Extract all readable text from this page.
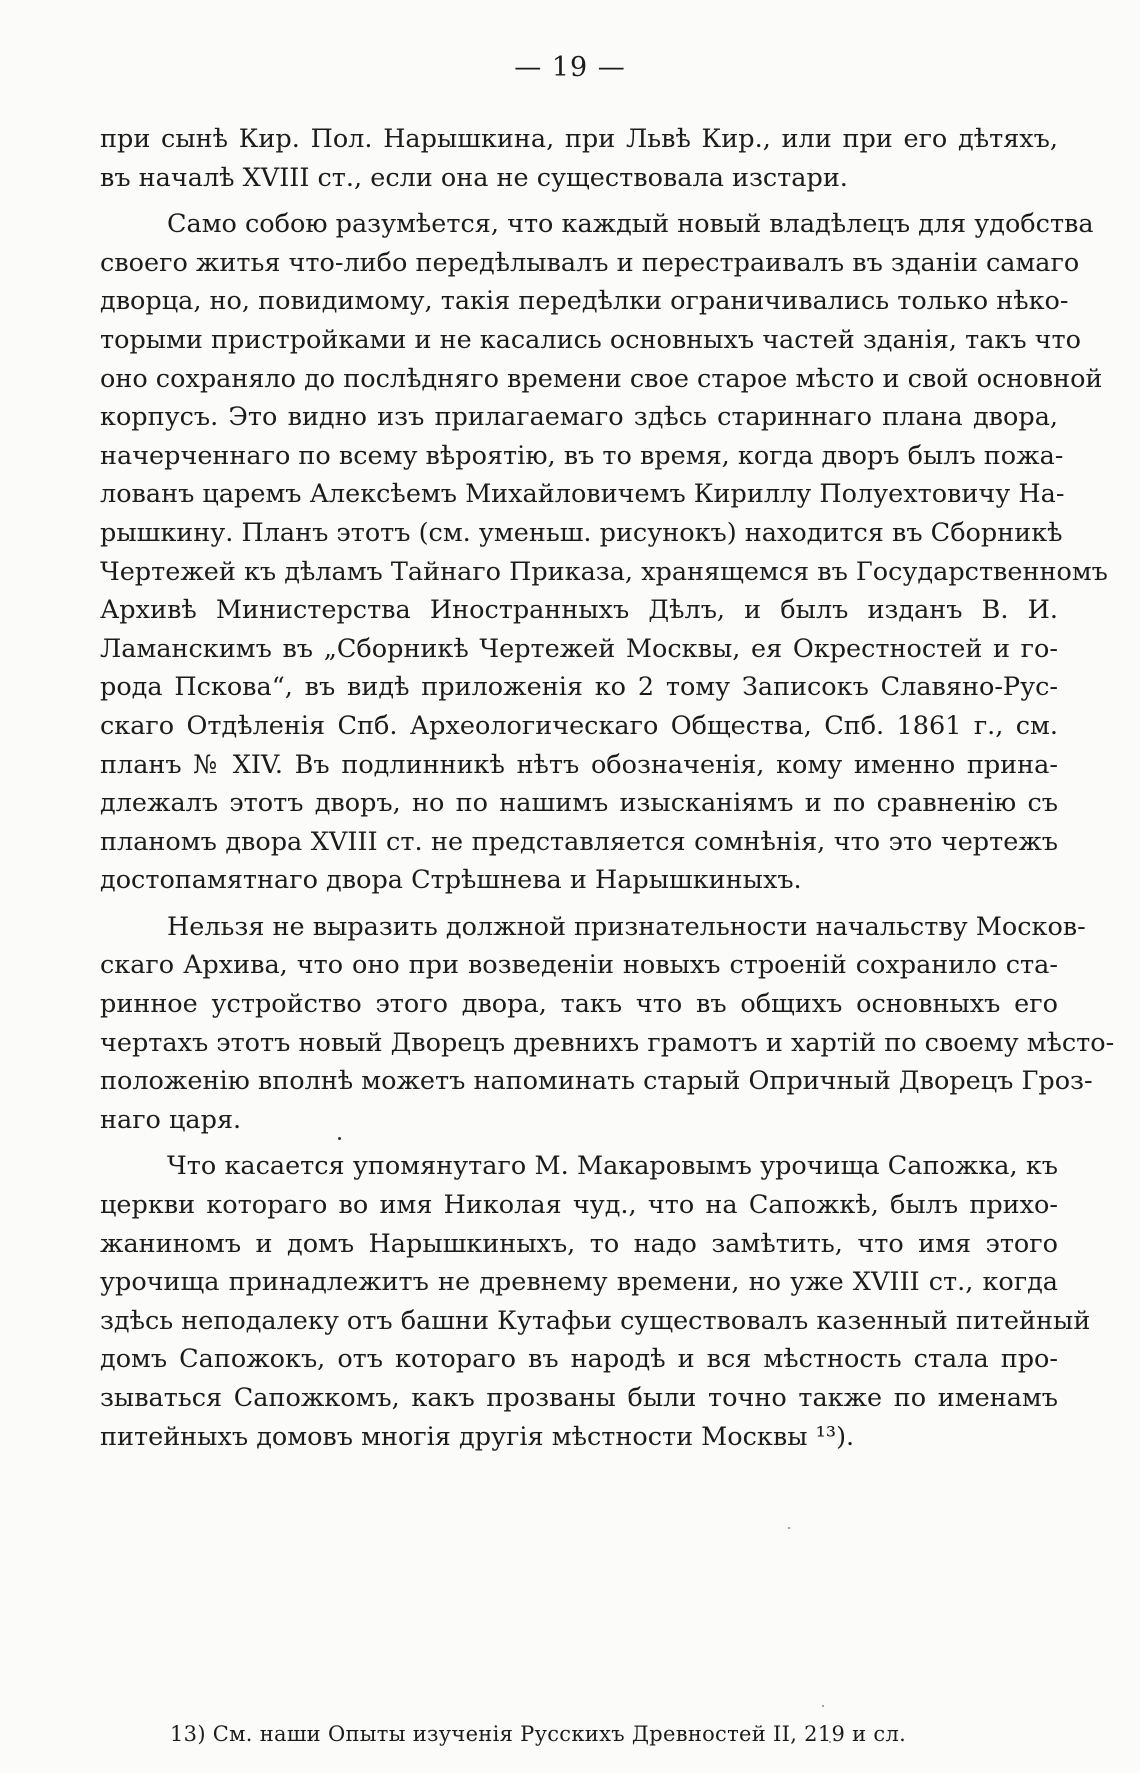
— 19 —
при сынѣ Кир. Пол. Нарышкина, при Львѣ Кир., или при его дѣтяхъ,
въ началѣ XVIII ст., если она не существовала изстари.
Само собою разумѣется, что каждый новый владѣлецъ для удобства
своего житья что-либо передѣлывалъ и перестраивалъ въ зданіи самаго
дворца, но, повидимому, такія передѣлки ограничивались только нѣко-
торыми пристройками и не касались основныхъ частей зданія, такъ что
оно сохраняло до послѣдняго времени свое старое мѣсто и свой основной
корпусъ. Это видно изъ прилагаемаго здѣсь стариннаго плана двора,
начерченнаго по всему вѣроятію, въ то время, когда дворъ былъ пожа-
лованъ царемъ Алексѣемъ Михайловичемъ Кириллу Полуехтовичу На-
рышкину. Планъ этотъ (см. уменьш. рисунокъ) находится въ Сборникѣ
Чертежей къ дѣламъ Тайнаго Приказа, хранящемся въ Государственномъ
Архивѣ Министерства Иностранныхъ Дѣлъ, и былъ изданъ В. И.
Ламанскимъ въ „Сборникѣ Чертежей Москвы, ея Окрестностей и го-
рода Пскова“, въ видѣ приложенія ко 2 тому Записокъ Славяно-Рус-
скаго Отдѣленія Спб. Археологическаго Общества, Спб. 1861 г., см.
планъ № XIV. Въ подлинникѣ нѣтъ обозначенія, кому именно прина-
длежалъ этотъ дворъ, но по нашимъ изысканіямъ и по сравненію съ
планомъ двора XVIII ст. не представляется сомнѣнія, что это чертежъ
достопамятнаго двора Стрѣшнева и Нарышкиныхъ.
Нельзя не выразить должной признательности начальству Москов-
скаго Архива, что оно при возведеніи новыхъ строеній сохранило ста-
ринное устройство этого двора, такъ что въ общихъ основныхъ его
чертахъ этотъ новый Дворецъ древнихъ грамотъ и хартій по своему мѣсто-
положенію вполнѣ можетъ напоминать старый Опричный Дворецъ Гроз-
наго царя.
Что касается упомянутаго М. Макаровымъ урочища Сапожка, къ
церкви котораго во имя Николая чуд., что на Сапожкѣ, былъ прихо-
жаниномъ и домъ Нарышкиныхъ, то надо замѣтить, что имя этого
урочища принадлежитъ не древнему времени, но уже XVIII ст., когда
здѣсь неподалеку отъ башни Кутафьи существовалъ казенный питейный
домъ Сапожокъ, отъ котораго въ народѣ и вся мѣстность стала про-
зываться Сапожкомъ, какъ прозваны были точно также по именамъ
питейныхъ домовъ многія другія мѣстности Москвы ¹³).
13) См. наши Опыты изученія Русскихъ Древностей II, 219 и сл.
